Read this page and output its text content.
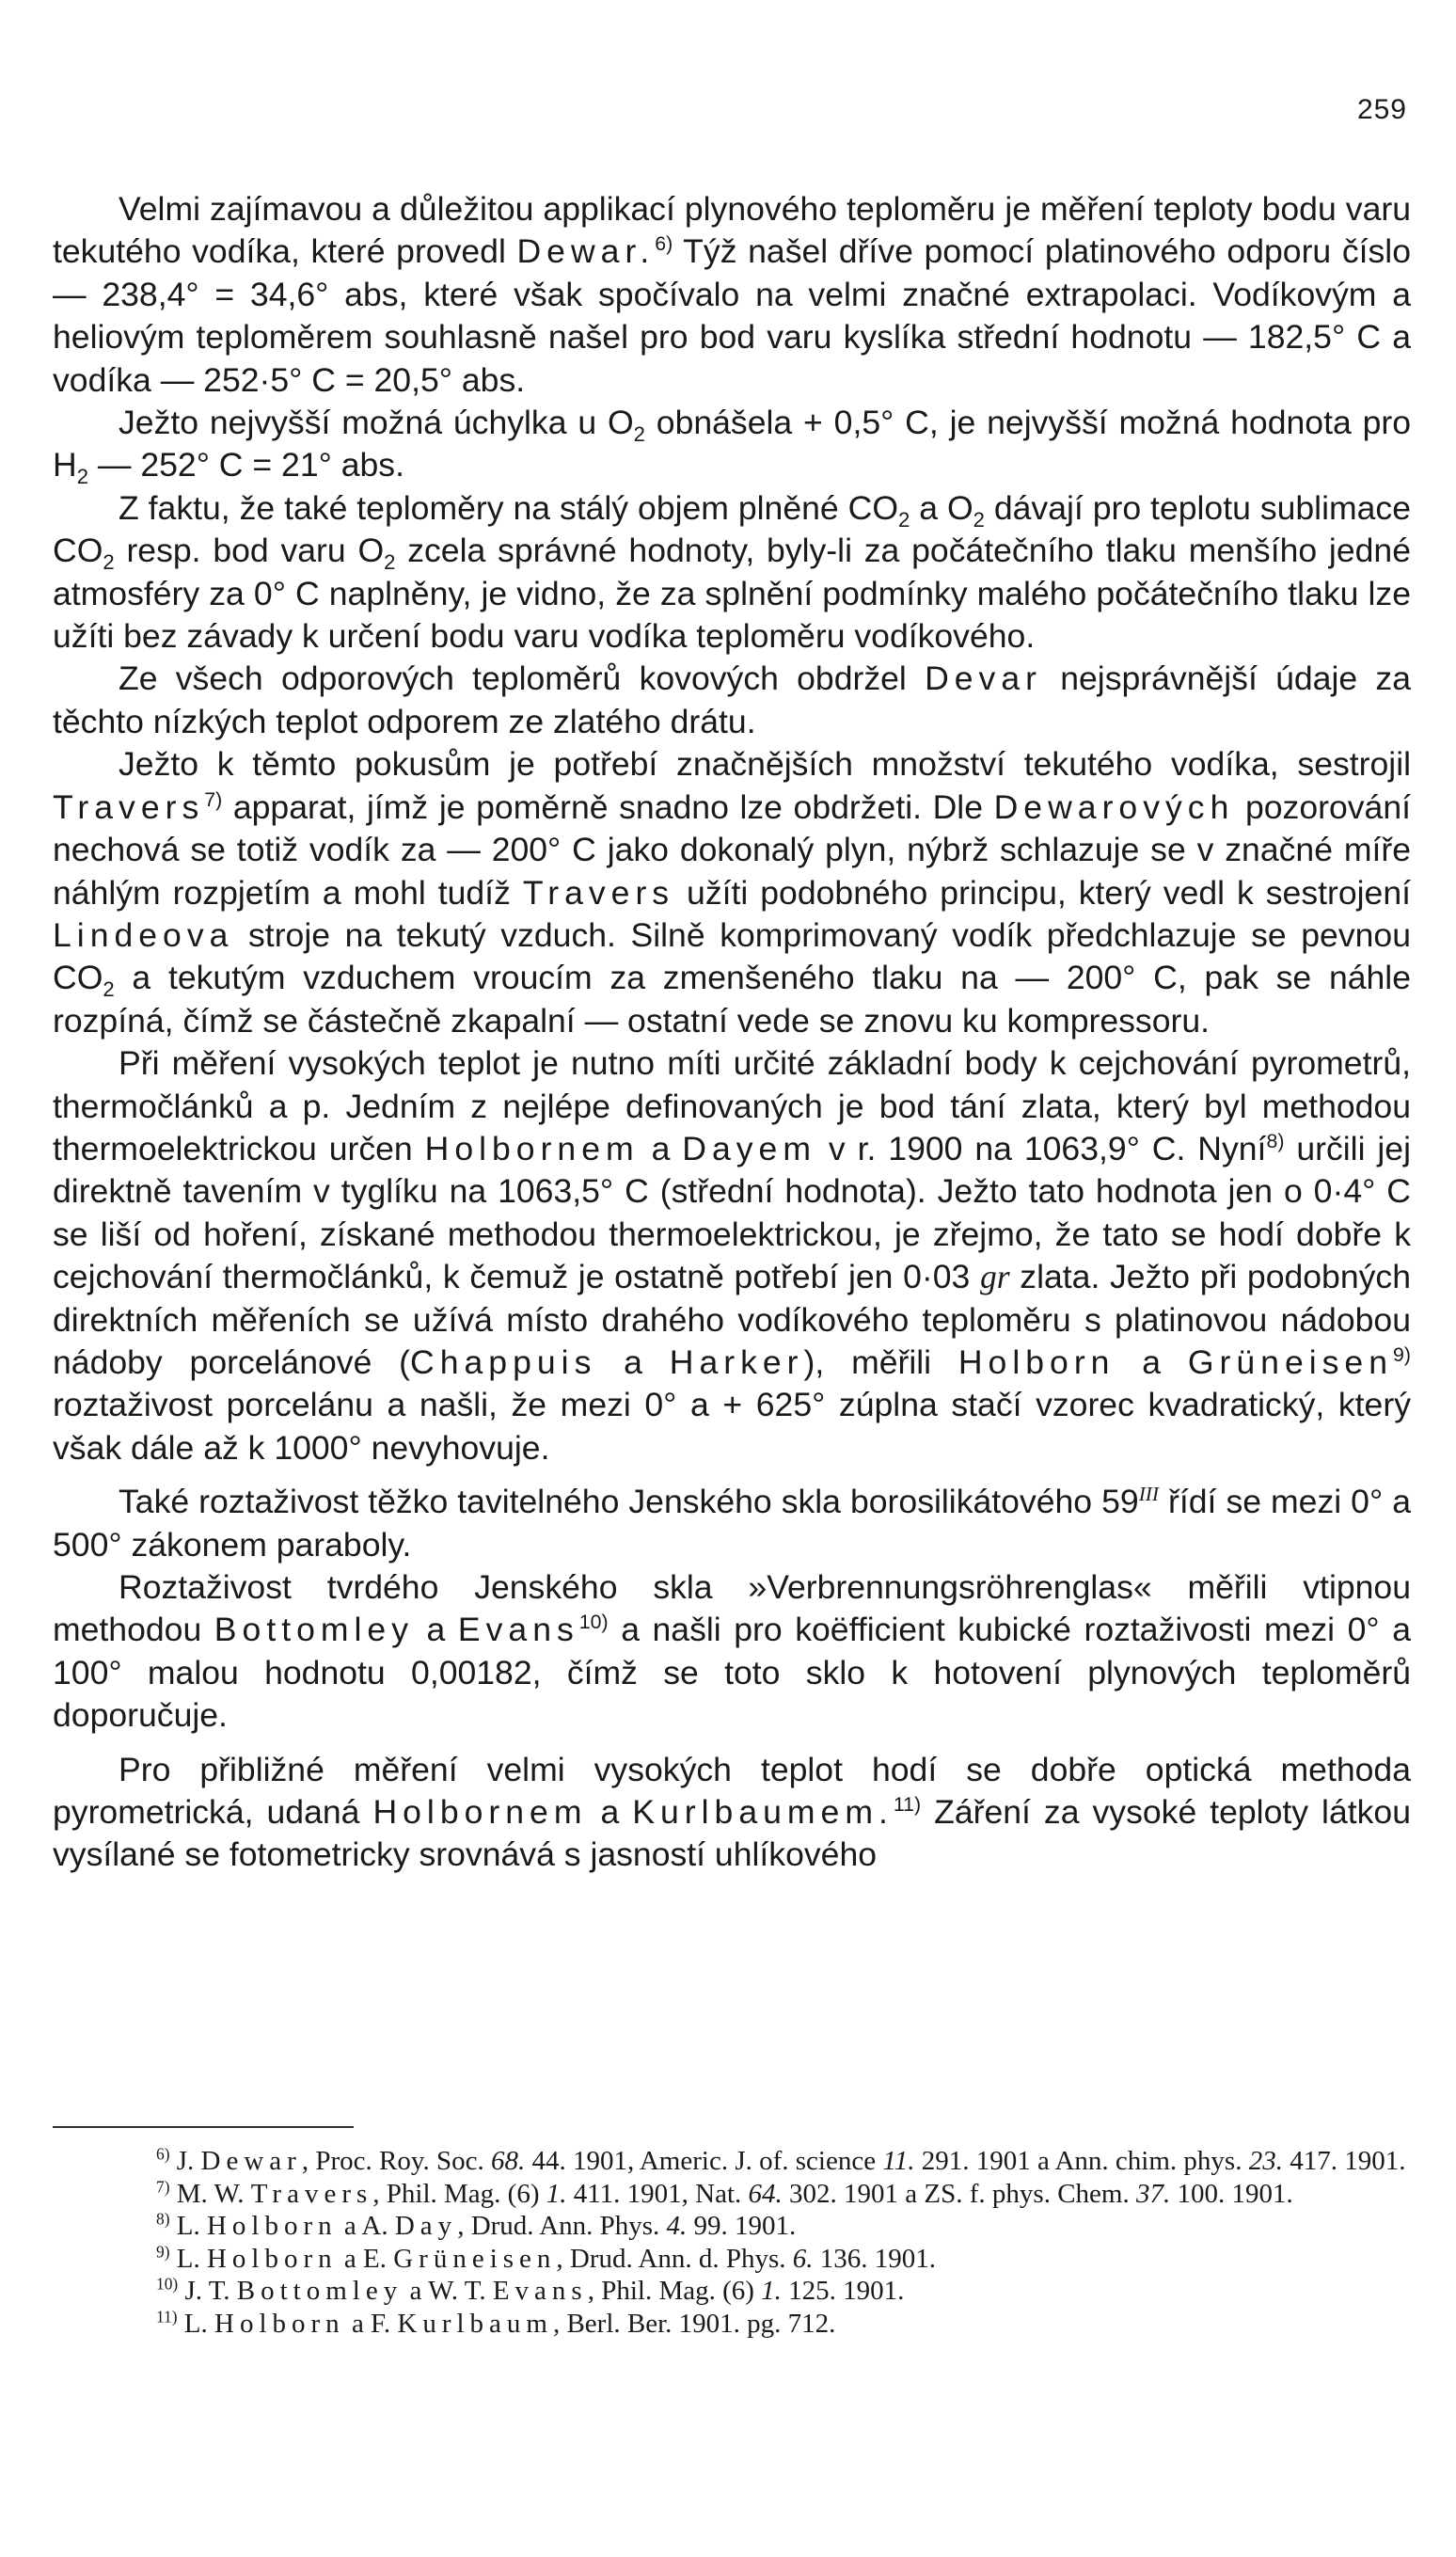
259

Velmi zajímavou a důležitou applikací plynového teploměru je měření teploty bodu varu tekutého vodíka, které provedl Dewar.$^{6)}$ Týž našel dříve pomocí platinového odporu číslo — 238,4° = 34,6° abs, které však spočívalo na velmi značné extrapolaci. Vodíkovým a heliovým teploměrem souhlasně našel pro bod varu kyslíka střední hodnotu — 182,5° C a vodíka — 252·5° C = 20,5° abs.

Ježto nejvyšší možná úchylka u $O_2$ obnášela + 0,5° C, je nejvyšší možná hodnota pro $H_2$ — 252° C = 21° abs.

Z faktu, že také teploměry na stálý objem plněné $CO_2$ a $O_2$ dávají pro teplotu sublimace $CO_2$ resp. bod varu $O_2$ zcela správné hodnoty, byly-li za počátečního tlaku menšího jedné atmosféry za 0° C naplněny, je vidno, že za splnění podmínky malého počátečního tlaku lze užíti bez závady k určení bodu varu vodíka teploměru vodíkového.

Ze všech odporových teploměrů kovových obdržel Devar nejsprávnější údaje za těchto nízkých teplot odporem ze zlatého drátu.

Ježto k těmto pokusům je potřebí značnějších množství tekutého vodíka, sestrojil Travers$^{7)}$ apparat, jímž je poměrně snadno lze obdržeti. Dle Dewarových pozorování nechová se totiž vodík za — 200° C jako dokonalý plyn, nýbrž schlazuje se v značné míře náhlým rozpjetím a mohl tudíž Travers užíti podobného principu, který vedl k sestrojení Lindeova stroje na tekutý vzduch. Silně komprimovaný vodík předchlazuje se pevnou $CO_2$ a tekutým vzduchem vroucím za zmenšeného tlaku na — 200° C, pak se náhle rozpíná, čímž se částečně zkapalní — ostatní vede se znovu ku kompressoru.

Při měření vysokých teplot je nutno míti určité základní body k cejchování pyrometrů, thermočlánků a p. Jedním z nejlépe definovaných je bod tání zlata, který byl methodou thermoelektrickou určen Holbornem a Dayem v r. 1900 na 1063,9° C. Nyní$^{8)}$ určili jej direktně tavením v tyglíku na 1063,5° C (střední hodnota). Ježto tato hodnota jen o 0·4° C se liší od hoření, získané methodou thermoelektrickou, je zřejmo, že tato se hodí dobře k cejchování thermočlánků, k čemuž je ostatně potřebí jen 0·03 gr zlata. Ježto při podobných direktních měřeních se užívá místo drahého vodíkového teploměru s platinovou nádobou nádoby porcelánové (Chappuis a Harker), měřili Holborn a Grüneisen$^{9)}$ roztaživost porcelánu a našli, že mezi 0° a + 625° zúplna stačí vzorec kvadratický, který však dále až k 1000° nevyhovuje.

Také roztaživost těžko tavitelného Jenského skla borosilikátového $59^{III}$ řídí se mezi 0° a 500° zákonem paraboly.

Roztaživost tvrdého Jenského skla »Verbrennungsröhrenglas« měřili vtipnou methodou Bottomley a Evans$^{10)}$ a našli pro koëfficient kubické roztaživosti mezi 0° a 100° malou hodnotu 0,00182, čímž se toto sklo k hotovení plynových teploměrů doporučuje.

Pro přibližné měření velmi vysokých teplot hodí se dobře optická methoda pyrometrická, udaná Holbornem a Kurlbaumem.$^{11)}$ Záření za vysoké teploty látkou vysílané se fotometricky srovnává s jasností uhlíkového

$^{6)}$ J. Dewar, Proc. Roy. Soc. 68. 44. 1901, Americ. J. of. science 11. 291. 1901 a Ann. chim. phys. 23. 417. 1901.

$^{7)}$ M. W. Travers, Phil. Mag. (6) 1. 411. 1901, Nat. 64. 302. 1901 a ZS. f. phys. Chem. 37. 100. 1901.

$^{8)}$ L. Holborn a A. Day, Drud. Ann. Phys. 4. 99. 1901.

$^{9)}$ L. Holborn a E. Grüneisen, Drud. Ann. d. Phys. 6. 136. 1901.

$^{10)}$ J. T. Bottomley a W. T. Evans, Phil. Mag. (6) 1. 125. 1901.

$^{11)}$ L. Holborn a F. Kurlbaum, Berl. Ber. 1901. pg. 712.
